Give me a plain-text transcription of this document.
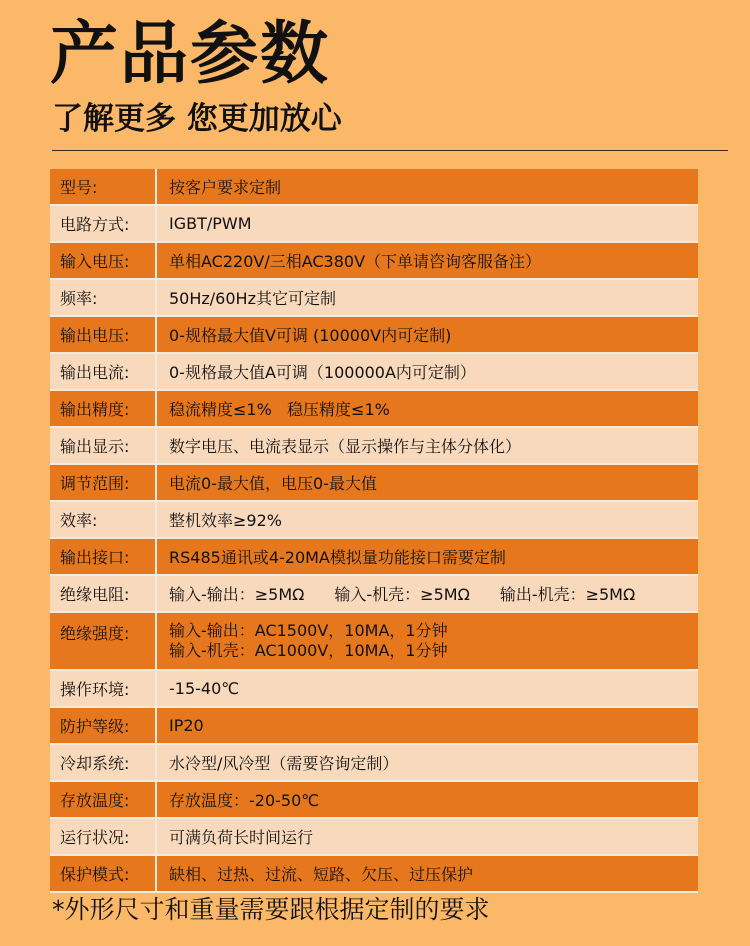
产品参数
了解更多 您更加放心
型号:	按客户要求定制
电路方式:	IGBT/PWM
输入电压:	单相AC220V/三相AC380V（下单请咨询客服备注）
频率:	50Hz/60Hz其它可定制
输出电压:	0-规格最大值V可调 (10000V内可定制)
输出电流:	0-规格最大值A可调（100000A内可定制）
输出精度:	稳流精度≤1%   稳压精度≤1%
输出显示:	数字电压、电流表显示（显示操作与主体分体化）
调节范围:	电流0-最大值，电压0-最大值
效率:	整机效率≥92%
输出接口:	RS485通讯或4-20MA模拟量功能接口需要定制
绝缘电阻:	输入-输出：≥5MΩ 输入-机壳：≥5MΩ 输出-机壳：≥5MΩ
绝缘强度:	输入-输出：AC1500V，10MA，1分钟
输入-机壳：AC1000V，10MA，1分钟
操作环境:	-15-40℃
防护等级:	IP20
冷却系统:	水冷型/风冷型（需要咨询定制）
存放温度:	存放温度：-20-50℃
运行状况:	可满负荷长时间运行
保护模式:	缺相、过热、过流、短路、欠压、过压保护
*外形尺寸和重量需要跟根据定制的要求
